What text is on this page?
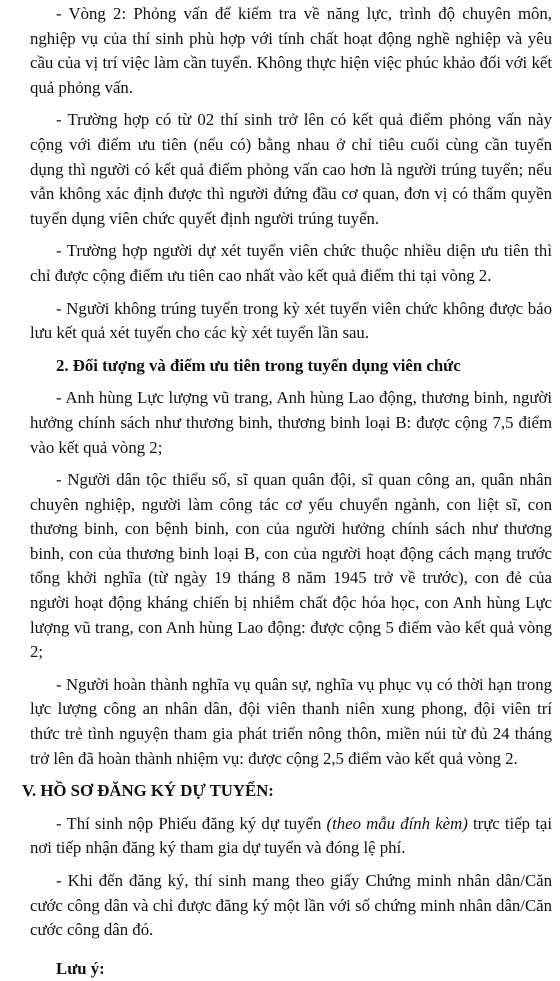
- Vòng 2: Phỏng vấn để kiểm tra về năng lực, trình độ chuyên môn, nghiệp vụ của thí sinh phù hợp với tính chất hoạt động nghề nghiệp và yêu cầu của vị trí việc làm cần tuyển. Không thực hiện việc phúc khảo đối với kết quả phỏng vấn.

- Trường hợp có từ 02 thí sinh trở lên có kết quả điểm phỏng vấn này cộng với điểm ưu tiên (nếu có) bằng nhau ở chỉ tiêu cuối cùng cần tuyển dụng thì người có kết quả điểm phỏng vấn cao hơn là người trúng tuyển; nếu vẫn không xác định được thì người đứng đầu cơ quan, đơn vị có thẩm quyền tuyển dụng viên chức quyết định người trúng tuyển.

- Trường hợp người dự xét tuyển viên chức thuộc nhiều diện ưu tiên thì chỉ được cộng điểm ưu tiên cao nhất vào kết quả điểm thi tại vòng 2.

- Người không trúng tuyển trong kỳ xét tuyển viên chức không được bảo lưu kết quả xét tuyển cho các kỳ xét tuyển lần sau.

2. Đối tượng và điểm ưu tiên trong tuyển dụng viên chức

- Anh hùng Lực lượng vũ trang, Anh hùng Lao động, thương binh, người hưởng chính sách như thương binh, thương binh loại B: được cộng 7,5 điểm vào kết quả vòng 2;

- Người dân tộc thiểu số, sĩ quan quân đội, sĩ quan công an, quân nhân chuyên nghiệp, người làm công tác cơ yếu chuyển ngành, con liệt sĩ, con thương binh, con bệnh binh, con của người hưởng chính sách như thương binh, con của thương binh loại B, con của người hoạt động cách mạng trước tổng khởi nghĩa (từ ngày 19 tháng 8 năm 1945 trở về trước), con đẻ của người hoạt động kháng chiến bị nhiễm chất độc hóa học, con Anh hùng Lực lượng vũ trang, con Anh hùng Lao động: được cộng 5 điểm vào kết quả vòng 2;

- Người hoàn thành nghĩa vụ quân sự, nghĩa vụ phục vụ có thời hạn trong lực lượng công an nhân dân, đội viên thanh niên xung phong, đội viên trí thức trẻ tình nguyện tham gia phát triển nông thôn, miền núi từ đủ 24 tháng trở lên đã hoàn thành nhiệm vụ: được cộng 2,5 điểm vào kết quả vòng 2.

V. HỒ SƠ ĐĂNG KÝ DỰ TUYỂN:

- Thí sinh nộp Phiếu đăng ký dự tuyển (theo mẫu đính kèm) trực tiếp tại nơi tiếp nhận đăng ký tham gia dự tuyển và đóng lệ phí.

- Khi đến đăng ký, thí sinh mang theo giấy Chứng minh nhân dân/Căn cước công dân và chỉ được đăng ký một lần với số chứng minh nhân dân/Căn cước công dân đó.

Lưu ý:
